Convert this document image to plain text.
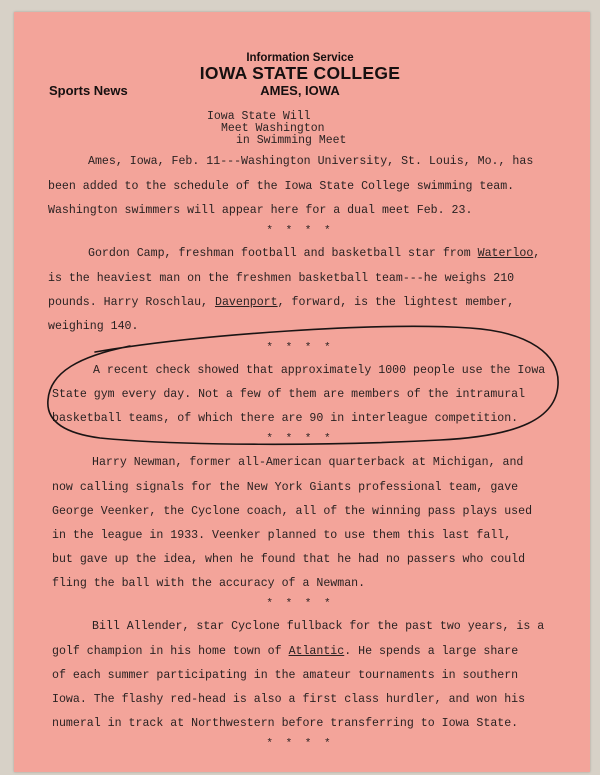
Information Service
IOWA STATE COLLEGE
AMES, IOWA
Sports News
Iowa State Will
Meet Washington
in Swimming Meet
Ames, Iowa, Feb. 11---Washington University, St. Louis, Mo., has
been added to the schedule of the Iowa State College swimming team.
Washington swimmers will appear here for a dual meet Feb. 23.
* * * *
Gordon Camp, freshman football and basketball star from Waterloo,
is the heaviest man on the freshmen basketball team---he weighs 210
pounds. Harry Roschlau, Davenport, forward, is the lightest member,
weighing 140.
* * * *
A recent check showed that approximately 1000 people use the Iowa
State gym every day. Not a few of them are members of the intramural
basketball teams, of which there are 90 in interleague competition.
* * * *
Harry Newman, former all-American quarterback at Michigan, and
now calling signals for the New York Giants professional team, gave
George Veenker, the Cyclone coach, all of the winning pass plays used
in the league in 1933. Veenker planned to use them this last fall,
but gave up the idea, when he found that he had no passers who could
fling the ball with the accuracy of a Newman.
* * * *
Bill Allender, star Cyclone fullback for the past two years, is a
golf champion in his home town of Atlantic. He spends a large share
of each summer participating in the amateur tournaments in southern
Iowa. The flashy red-head is also a first class hurdler, and won his
numeral in track at Northwestern before transferring to Iowa State.
* * * *
